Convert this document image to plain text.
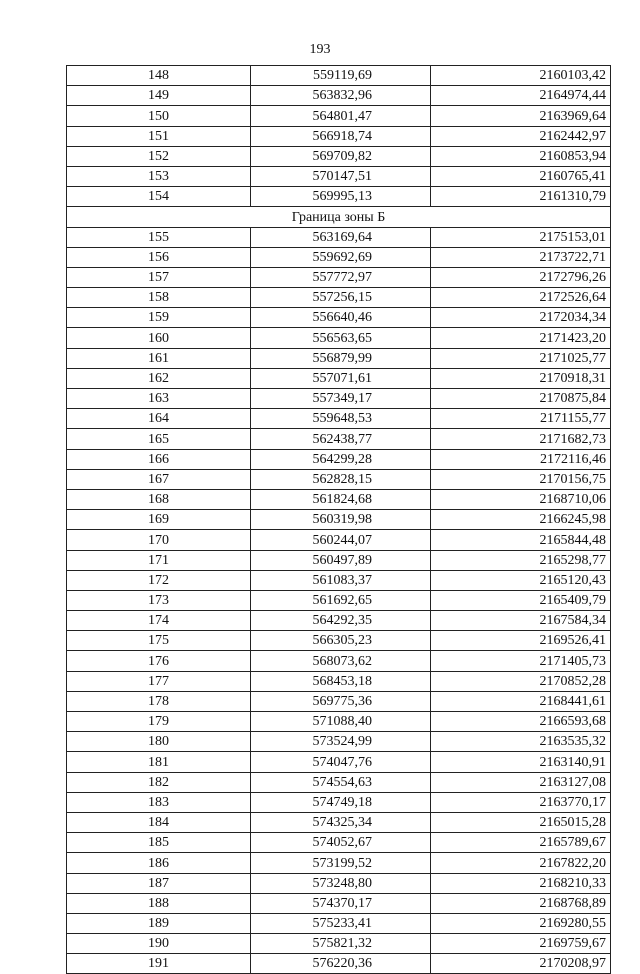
193
148	559119,69	2160103,42
149	563832,96	2164974,44
150	564801,47	2163969,64
151	566918,74	2162442,97
152	569709,82	2160853,94
153	570147,51	2160765,41
154	569995,13	2161310,79
Граница зоны Б		
155	563169,64	2175153,01
156	559692,69	2173722,71
157	557772,97	2172796,26
158	557256,15	2172526,64
159	556640,46	2172034,34
160	556563,65	2171423,20
161	556879,99	2171025,77
162	557071,61	2170918,31
163	557349,17	2170875,84
164	559648,53	2171155,77
165	562438,77	2171682,73
166	564299,28	2172116,46
167	562828,15	2170156,75
168	561824,68	2168710,06
169	560319,98	2166245,98
170	560244,07	2165844,48
171	560497,89	2165298,77
172	561083,37	2165120,43
173	561692,65	2165409,79
174	564292,35	2167584,34
175	566305,23	2169526,41
176	568073,62	2171405,73
177	568453,18	2170852,28
178	569775,36	2168441,61
179	571088,40	2166593,68
180	573524,99	2163535,32
181	574047,76	2163140,91
182	574554,63	2163127,08
183	574749,18	2163770,17
184	574325,34	2165015,28
185	574052,67	2165789,67
186	573199,52	2167822,20
187	573248,80	2168210,33
188	574370,17	2168768,89
189	575233,41	2169280,55
190	575821,32	2169759,67
191	576220,36	2170208,97
